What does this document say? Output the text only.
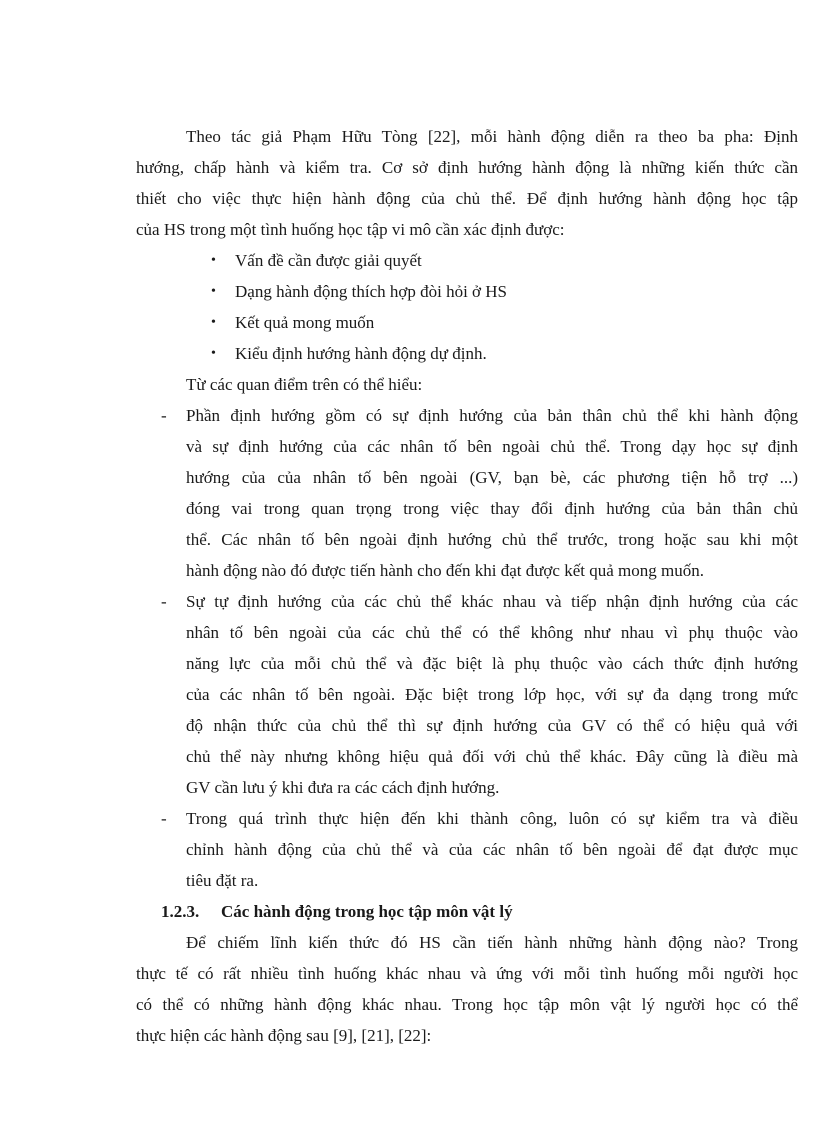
Theo tác giả Phạm Hữu Tòng [22], mỗi hành động diễn ra theo ba pha: Định
hướng, chấp hành và kiểm tra. Cơ sở định hướng hành động là những kiến thức cần
thiết cho việc thực hiện hành động của chủ thể. Để định hướng hành động học tập
của HS trong một tình huống học tập vi mô cần xác định được:
• Vấn đề cần được giải quyết
• Dạng hành động thích hợp đòi hỏi ở HS
• Kết quả mong muốn
• Kiểu định hướng hành động dự định.
Từ các quan điểm trên có thể hiểu:
- Phần định hướng gồm có sự định hướng của bản thân chủ thể khi hành động
và sự định hướng của các nhân tố bên ngoài chủ thể. Trong dạy học sự định
hướng của của nhân tố bên ngoài (GV, bạn bè, các phương tiện hỗ trợ ...)
đóng vai trong quan trọng trong việc thay đổi định hướng của bản thân chủ
thể. Các nhân tố bên ngoài định hướng chủ thể trước, trong hoặc sau khi một
hành động nào đó được tiến hành cho đến khi đạt được kết quả mong muốn.
- Sự tự định hướng của các chủ thể khác nhau và tiếp nhận định hướng của các
nhân tố bên ngoài của các chủ thể có thể không như nhau vì phụ thuộc vào
năng lực của mỗi chủ thể và đặc biệt là phụ thuộc vào cách thức định hướng
của các nhân tố bên ngoài. Đặc biệt trong lớp học, với sự đa dạng trong mức
độ nhận thức của chủ thể thì sự định hướng của GV có thể có hiệu quả với
chủ thể này nhưng không hiệu quả đối với chủ thể khác. Đây cũng là điều mà
GV cần lưu ý khi đưa ra các cách định hướng.
- Trong quá trình thực hiện đến khi thành công, luôn có sự kiểm tra và điều
chỉnh hành động của chủ thể và của các nhân tố bên ngoài để đạt được mục
tiêu đặt ra.
1.2.3. Các hành động trong học tập môn vật lý
Để chiếm lĩnh kiến thức đó HS cần tiến hành những hành động nào? Trong
thực tế có rất nhiều tình huống khác nhau và ứng với mỗi tình huống mỗi người học
có thể có những hành động khác nhau. Trong học tập môn vật lý người học có thể
thực hiện các hành động sau [9], [21], [22]:
